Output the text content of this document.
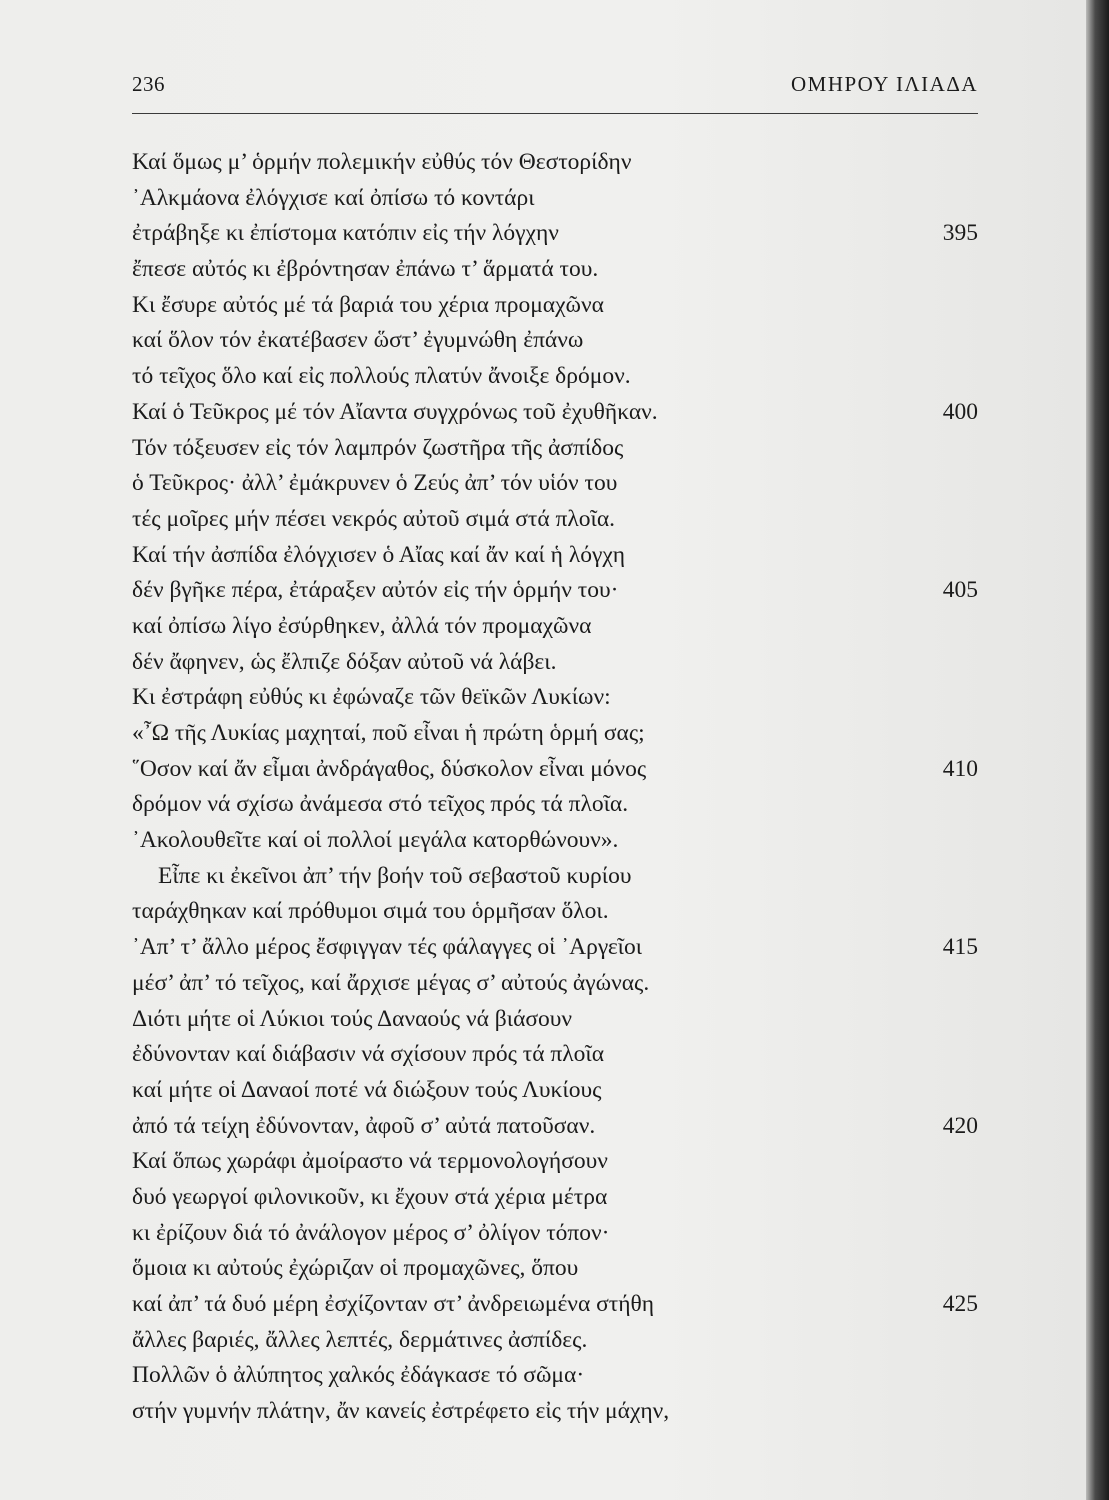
236	ΟΜΗΡΟΥ ΙΛΙΑΔΑ
Καί ὅμως μ’ ὁρμήν πολεμικήν εὐθύς τόν Θεστορίδην
᾿Αλκμάονα ἐλόγχισε καί ὀπίσω τό κοντάρι
ἐτράβηξε κι ἐπίστομα κατόπιν εἰς τήν λόγχην	395
ἔπεσε αὐτός κι ἐβρόντησαν ἐπάνω τ’ ἅρματά του.
Κι ἔσυρε αὐτός μέ τά βαριά του χέρια προμαχῶνα
καί ὅλον τόν ἐκατέβασεν ὥστ’ ἐγυμνώθη ἐπάνω
τό τεῖχος ὅλο καί εἰς πολλούς πλατύν ἄνοιξε δρόμον.
Καί ὁ Τεῦκρος μέ τόν Αἴαντα συγχρόνως τοῦ ἐχυθῆκαν.	400
Τόν τόξευσεν εἰς τόν λαμπρόν ζωστῆρα τῆς ἀσπίδος
ὁ Τεῦκρος· ἀλλ’ ἐμάκρυνεν ὁ Ζεύς ἀπ’ τόν υἱόν του
τές μοῖρες μήν πέσει νεκρός αὐτοῦ σιμά στά πλοῖα.
Καί τήν ἀσπίδα ἐλόγχισεν ὁ Αἴας καί ἄν καί ἡ λόγχη
δέν βγῆκε πέρα, ἐτάραξεν αὐτόν εἰς τήν ὁρμήν του·	405
καί ὀπίσω λίγο ἐσύρθηκεν, ἀλλά τόν προμαχῶνα
δέν ἄφηνεν, ὡς ἔλπιζε δόξαν αὐτοῦ νά λάβει.
Κι ἐστράφη εὐθύς κι ἐφώναζε τῶν θεϊκῶν Λυκίων:
«῏Ω τῆς Λυκίας μαχηταί, ποῦ εἶναι ἡ πρώτη ὁρμή σας;
῞Οσον καί ἄν εἶμαι ἀνδράγαθος, δύσκολον εἶναι μόνος	410
δρόμον νά σχίσω ἀνάμεσα στό τεῖχος πρός τά πλοῖα.
᾿Ακολουθεῖτε καί οἱ πολλοί μεγάλα κατορθώνουν».
Εἶπε κι ἐκεῖνοι ἀπ’ τήν βοήν τοῦ σεβαστοῦ κυρίου
ταράχθηκαν καί πρόθυμοι σιμά του ὁρμῆσαν ὅλοι.
᾿Απ’ τ’ ἄλλο μέρος ἔσφιγγαν τές φάλαγγες οἱ ᾿Αργεῖοι	415
μέσ’ ἀπ’ τό τεῖχος, καί ἄρχισε μέγας σ’ αὐτούς ἀγώνας.
Διότι μήτε οἱ Λύκιοι τούς Δαναούς νά βιάσουν
ἐδύνονταν καί διάβασιν νά σχίσουν πρός τά πλοῖα
καί μήτε οἱ Δαναοί ποτέ νά διώξουν τούς Λυκίους
ἀπό τά τείχη ἐδύνονταν, ἀφοῦ σ’ αὐτά πατοῦσαν.	420
Καί ὅπως χωράφι ἀμοίραστο νά τερμονολογήσουν
δυό γεωργοί φιλονικοῦν, κι ἔχουν στά χέρια μέτρα
κι ἐρίζουν διά τό ἀνάλογον μέρος σ’ ὀλίγον τόπον·
ὅμοια κι αὐτούς ἐχώριζαν οἱ προμαχῶνες, ὅπου
καί ἀπ’ τά δυό μέρη ἐσχίζονταν στ’ ἀνδρειωμένα στήθη	425
ἄλλες βαριές, ἄλλες λεπτές, δερμάτινες ἀσπίδες.
Πολλῶν ὁ ἀλύπητος χαλκός ἐδάγκασε τό σῶμα·
στήν γυμνήν πλάτην, ἄν κανείς ἐστρέφετο εἰς τήν μάχην,
